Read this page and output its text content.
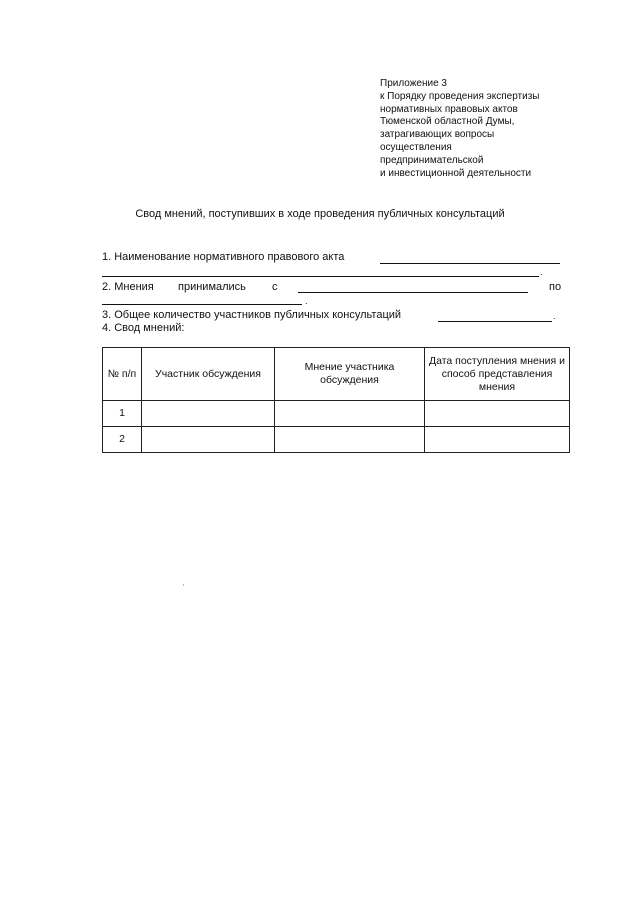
Приложение 3
к Порядку проведения экспертизы
нормативных правовых актов
Тюменской областной Думы,
затрагивающих вопросы
осуществления
предпринимательской
и инвестиционной деятельности
Свод мнений, поступивших в ходе проведения публичных консультаций
1. Наименование нормативного правового акта
.
2. Мнения принимались с	по
.
3. Общее количество участников публичных консультаций	.
4. Свод мнений:
№ п/п	Участник обсуждения	Мнение участника обсуждения	Дата поступления мнения и способ представления мнения
1			
2			
